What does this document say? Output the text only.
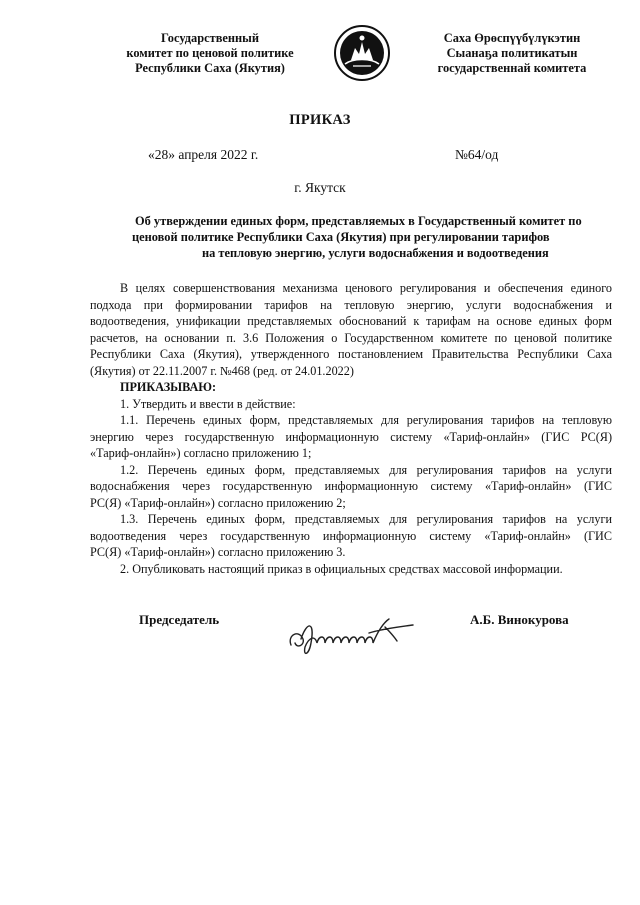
Государственный
комитет по ценовой политике
Республики Саха (Якутия)
Саха Өрөспүүбүлүкэтин
Сыанаҕа политикатын
государственнай комитета
ПРИКАЗ
«28» апреля 2022 г.	№64/од
г. Якутск
Об утверждении единых форм, представляемых в Государственный комитет по
ценовой политике Республики Саха (Якутия) при регулировании тарифов
на тепловую энергию, услуги водоснабжения и водоотведения
В целях совершенствования механизма ценового регулирования и обеспечения единого
подхода при формировании тарифов на тепловую энергию, услуги водоснабжения и
водоотведения, унификации представляемых обоснований к тарифам на основе единых форм
расчетов, на основании п. 3.6 Положения о Государственном комитете по ценовой политике
Республики Саха (Якутия), утвержденного постановлением Правительства Республики Саха
(Якутия) от 22.11.2007 г. №468 (ред. от 24.01.2022)
ПРИКАЗЫВАЮ:
1. Утвердить и ввести в действие:
1.1. Перечень единых форм, представляемых для регулирования тарифов на тепловую
энергию через государственную информационную систему «Тариф-онлайн» (ГИС РС(Я)
«Тариф-онлайн») согласно приложению 1;
1.2. Перечень единых форм, представляемых для регулирования тарифов на услуги
водоснабжения через государственную информационную систему «Тариф-онлайн» (ГИС
РС(Я) «Тариф-онлайн») согласно приложению 2;
1.3. Перечень единых форм, представляемых для регулирования тарифов на услуги
водоотведения через государственную информационную систему «Тариф-онлайн» (ГИС
РС(Я) «Тариф-онлайн») согласно приложению 3.
2. Опубликовать настоящий приказ в официальных средствах массовой информации.
Председатель	А.Б. Винокурова
